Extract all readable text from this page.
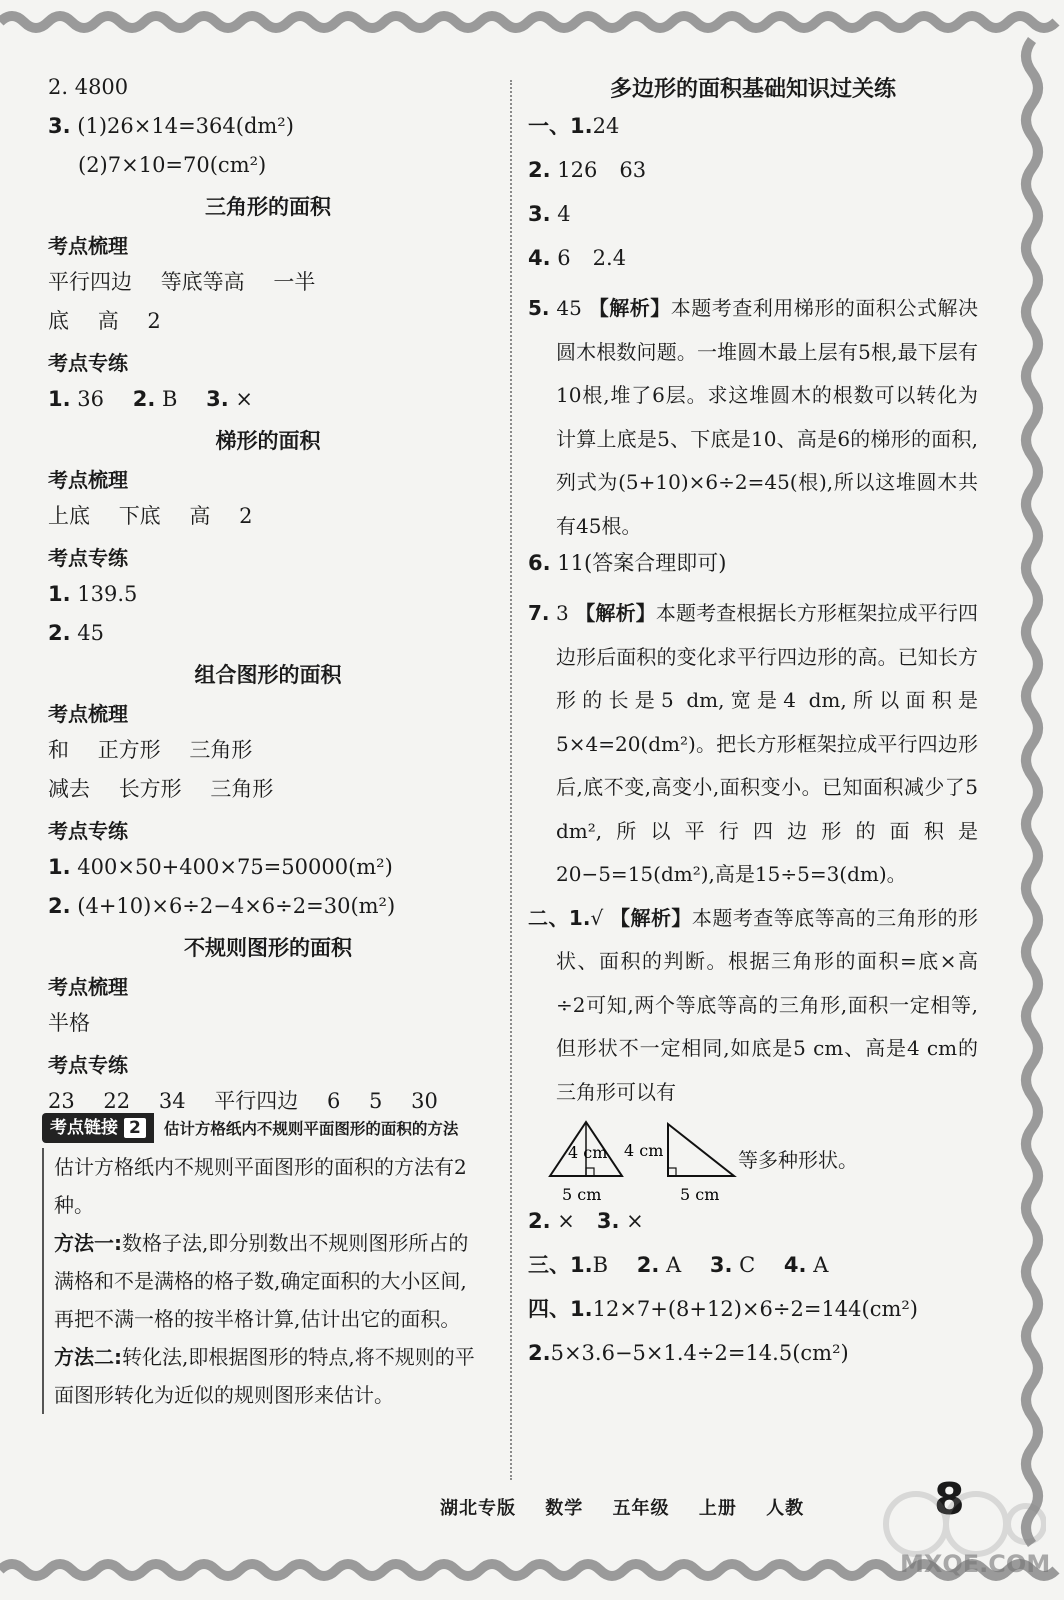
2. 4800
3. (1)26×14=364(dm²)
(2)7×10=70(cm²)
三角形的面积
考点梳理
平行四边 等底等高 一半
底 高 2
考点专练
1. 36 2. B 3. ×
梯形的面积
考点梳理
上底 下底 高 2
考点专练
1. 139.5
2. 45
组合图形的面积
考点梳理
和 正方形 三角形
减去 长方形 三角形
考点专练
1. 400×50+400×75=50000(m²)
2. (4+10)×6÷2−4×6÷2=30(m²)
不规则图形的面积
考点梳理
半格
考点专练
23 22 34 平行四边 6 5 30
考点链接 2	估计方格纸内不规则平面图形的面积的方法
估计方格纸内不规则平面图形的面积的方法有2种。
方法一:数格子法,即分别数出不规则图形所占的满格和不是满格的格子数,确定面积的大小区间,再把不满一格的按半格计算,估计出它的面积。
方法二:转化法,即根据图形的特点,将不规则的平面图形转化为近似的规则图形来估计。
多边形的面积基础知识过关练
一、1.24
2. 126 63
3. 4
4. 6 2.4
5. 45 【解析】本题考查利用梯形的面积公式解决圆木根数问题。一堆圆木最上层有5根,最下层有10根,堆了6层。求这堆圆木的根数可以转化为计算上底是5、下底是10、高是6的梯形的面积,列式为(5+10)×6÷2=45(根),所以这堆圆木共有45根。
6. 11(答案合理即可)
7. 3 【解析】本题考查根据长方形框架拉成平行四边形后面积的变化求平行四边形的高。已知长方形的长是5 dm,宽是4 dm,所以面积是5×4=20(dm²)。把长方形框架拉成平行四边形后,底不变,高变小,面积变小。已知面积减少了5 dm²,所以平行四边形的面积是20−5=15(dm²),高是15÷5=3(dm)。
二、1.√ 【解析】本题考查等底等高的三角形的形状、面积的判断。根据三角形的面积=底×高÷2可知,两个等底等高的三角形,面积一定相等,但形状不一定相同,如底是5 cm、高是4 cm的三角形可以有
4 cm 4 cm
5 cm	5 cm
等多种形状。
2. × 3. ×
三、1.B 2. A 3. C 4. A
四、1.12×7+(8+12)×6÷2=144(cm²)
2.5×3.6−5×1.4÷2=14.5(cm²)
湖北专版 数学 五年级 上册 人教	8
MXQE.COM
